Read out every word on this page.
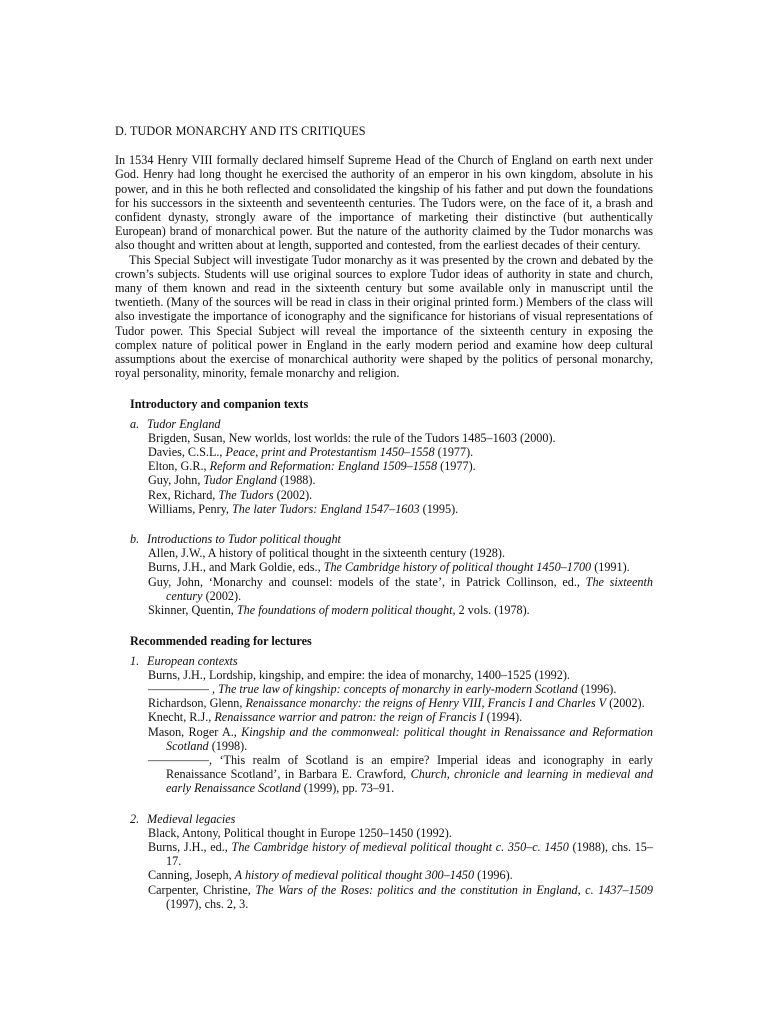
D. TUDOR MONARCHY AND ITS CRITIQUES

In 1534 Henry VIII formally declared himself Supreme Head of the Church of England on earth next under God. Henry had long thought he exercised the authority of an emperor in his own kingdom, absolute in his power, and in this he both reflected and consolidated the kingship of his father and put down the foundations for his successors in the sixteenth and seventeenth centuries. The Tudors were, on the face of it, a brash and confident dynasty, strongly aware of the importance of marketing their distinctive (but authentically European) brand of monarchical power. But the nature of the authority claimed by the Tudor monarchs was also thought and written about at length, supported and contested, from the earliest decades of their century.

This Special Subject will investigate Tudor monarchy as it was presented by the crown and debated by the crown’s subjects. Students will use original sources to explore Tudor ideas of authority in state and church, many of them known and read in the sixteenth century but some available only in manuscript until the twentieth. (Many of the sources will be read in class in their original printed form.) Members of the class will also investigate the importance of iconography and the significance for historians of visual representations of Tudor power. This Special Subject will reveal the importance of the sixteenth century in exposing the complex nature of political power in England in the early modern period and examine how deep cultural assumptions about the exercise of monarchical authority were shaped by the politics of personal monarchy, royal personality, minority, female monarchy and religion.

Introductory and companion texts
a. Tudor England
Brigden, Susan, New worlds, lost worlds: the rule of the Tudors 1485–1603 (2000).
Davies, C.S.L., Peace, print and Protestantism 1450–1558 (1977).
Elton, G.R., Reform and Reformation: England 1509–1558 (1977).
Guy, John, Tudor England (1988).
Rex, Richard, The Tudors (2002).
Williams, Penry, The later Tudors: England 1547–1603 (1995).
b. Introductions to Tudor political thought
Allen, J.W., A history of political thought in the sixteenth century (1928).
Burns, J.H., and Mark Goldie, eds., The Cambridge history of political thought 1450–1700 (1991).
Guy, John, ‘Monarchy and counsel: models of the state’, in Patrick Collinson, ed., The sixteenth century (2002).
Skinner, Quentin, The foundations of modern political thought, 2 vols. (1978).
Recommended reading for lectures
1. European contexts
Burns, J.H., Lordship, kingship, and empire: the idea of monarchy, 1400–1525 (1992).
————— , The true law of kingship: concepts of monarchy in early-modern Scotland (1996).
Richardson, Glenn, Renaissance monarchy: the reigns of Henry VIII, Francis I and Charles V (2002).
Knecht, R.J., Renaissance warrior and patron: the reign of Francis I (1994).
Mason, Roger A., Kingship and the commonweal: political thought in Renaissance and Reformation Scotland (1998).
—————, ‘This realm of Scotland is an empire? Imperial ideas and iconography in early Renaissance Scotland’, in Barbara E. Crawford, Church, chronicle and learning in medieval and early Renaissance Scotland (1999), pp. 73–91.
2. Medieval legacies
Black, Antony, Political thought in Europe 1250–1450 (1992).
Burns, J.H., ed., The Cambridge history of medieval political thought c. 350–c. 1450 (1988), chs. 15–17.
Canning, Joseph, A history of medieval political thought 300–1450 (1996).
Carpenter, Christine, The Wars of the Roses: politics and the constitution in England, c. 1437–1509 (1997), chs. 2, 3.
